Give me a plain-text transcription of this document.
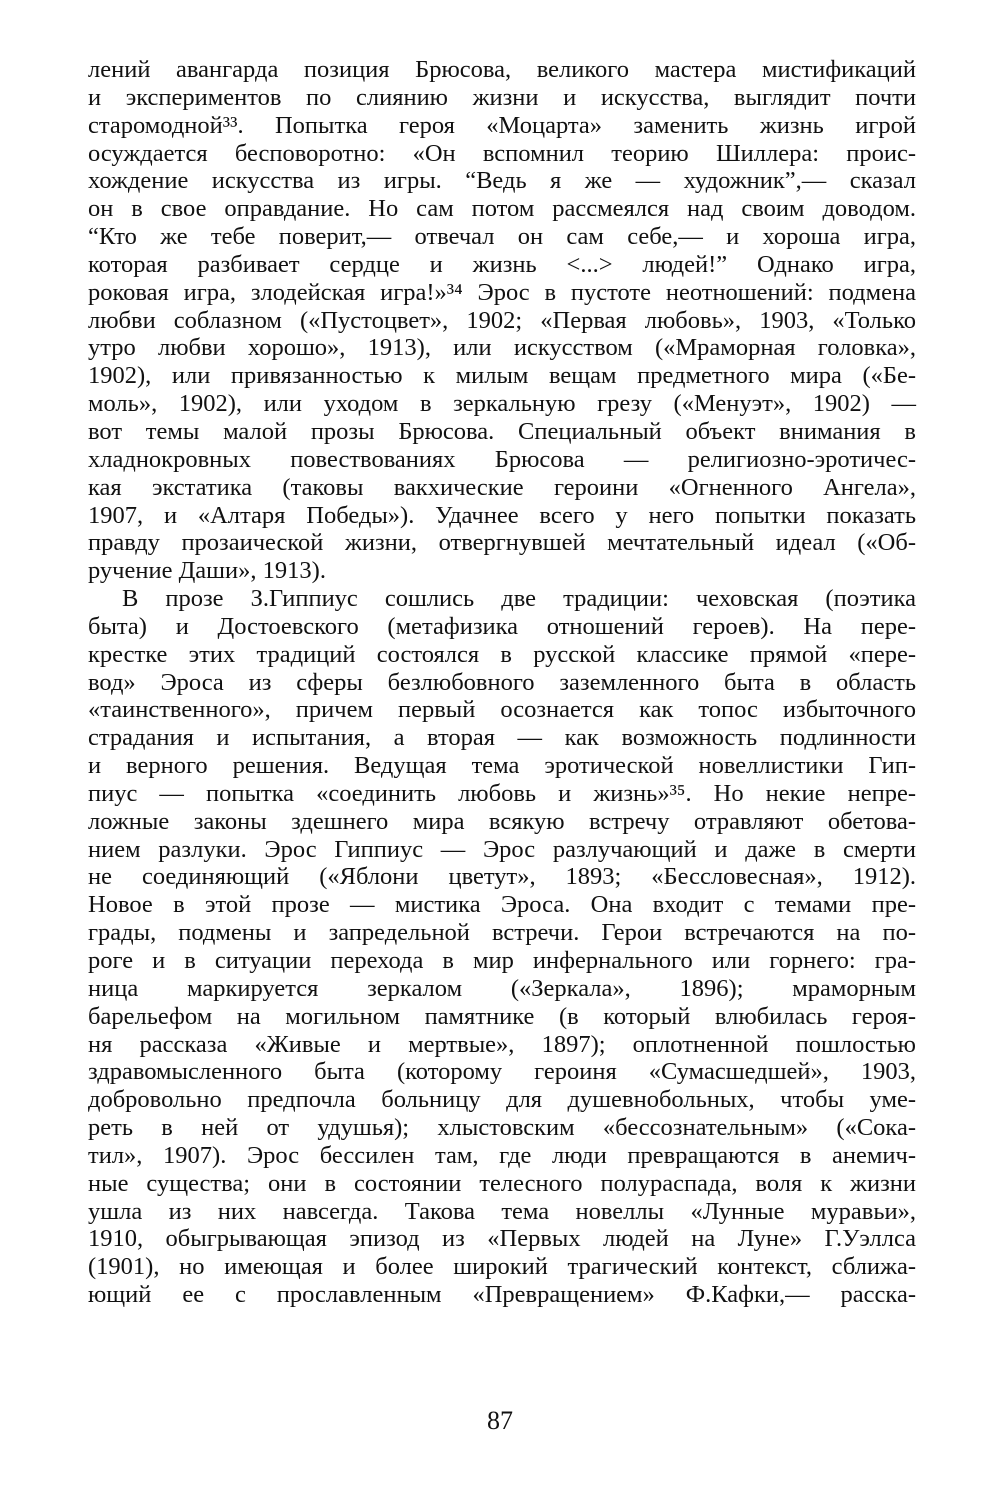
лений авангарда позиция Брюсова, великого мастера мистификаций
и экспериментов по слиянию жизни и искусства, выглядит почти
старомодной³³. Попытка героя «Моцарта» заменить жизнь игрой
осуждается бесповоротно: «Он вспомнил теорию Шиллера: проис-
хождение искусства из игры. “Ведь я же — художник”,— сказал
он в свое оправдание. Но сам потом рассмеялся над своим доводом.
“Кто же тебе поверит,— отвечал он сам себе,— и хороша игра,
которая разбивает сердце и жизнь <...> людей!” Однако игра,
роковая игра, злодейская игра!»³⁴ Эрос в пустоте неотношений: подмена
любви соблазном («Пустоцвет», 1902; «Первая любовь», 1903, «Только
утро любви хорошо», 1913), или искусством («Мраморная головка»,
1902), или привязанностью к милым вещам предметного мира («Бе-
моль», 1902), или уходом в зеркальную грезу («Менуэт», 1902) —
вот темы малой прозы Брюсова. Специальный объект внимания в
хладнокровных повествованиях Брюсова — религиозно-эротичес-
кая экстатика (таковы вакхические героини «Огненного Ангела»,
1907, и «Алтаря Победы»). Удачнее всего у него попытки показать
правду прозаической жизни, отвергнувшей мечтательный идеал («Об-
ручение Даши», 1913).
В прозе З.Гиппиус сошлись две традиции: чеховская (поэтика
быта) и Достоевского (метафизика отношений героев). На пере-
крестке этих традиций состоялся в русской классике прямой «пере-
вод» Эроса из сферы безлюбовного заземленного быта в область
«таинственного», причем первый осознается как топос избыточного
страдания и испытания, а вторая — как возможность подлинности
и верного решения. Ведущая тема эротической новеллистики Гип-
пиус — попытка «соединить любовь и жизнь»³⁵. Но некие непре-
ложные законы здешнего мира всякую встречу отравляют обетова-
нием разлуки. Эрос Гиппиус — Эрос разлучающий и даже в смерти
не соединяющий («Яблони цветут», 1893; «Бессловесная», 1912).
Новое в этой прозе — мистика Эроса. Она входит с темами пре-
грады, подмены и запредельной встречи. Герои встречаются на по-
роге и в ситуации перехода в мир инфернального или горнего: гра-
ница маркируется зеркалом («Зеркала», 1896); мраморным
барельефом на могильном памятнике (в который влюбилась героя-
ня рассказа «Живые и мертвые», 1897); оплотненной пошлостью
здравомысленного быта (которому героиня «Сумасшедшей», 1903,
добровольно предпочла больницу для душевнобольных, чтобы уме-
реть в ней от удушья); хлыстовским «бессознательным» («Сока-
тил», 1907). Эрос бессилен там, где люди превращаются в анемич-
ные существа; они в состоянии телесного полураспада, воля к жизни
ушла из них навсегда. Такова тема новеллы «Лунные муравьи»,
1910, обыгрывающая эпизод из «Первых людей на Луне» Г.Уэллса
(1901), но имеющая и более широкий трагический контекст, сближа-
ющий ее с прославленным «Превращением» Ф.Кафки,— расска-
87
